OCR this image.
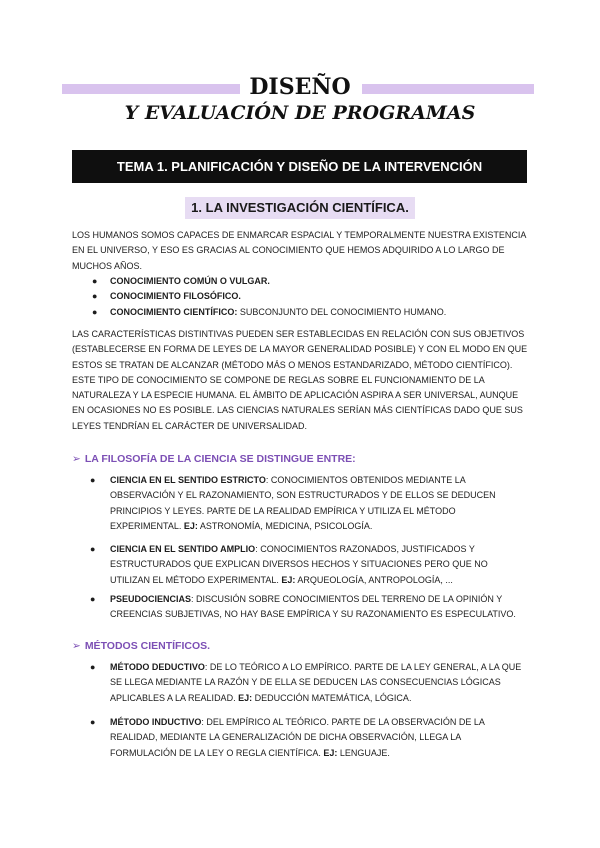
DISEÑO
Y EVALUACIÓN DE PROGRAMAS
TEMA 1. PLANIFICACIÓN Y DISEÑO DE LA INTERVENCIÓN
1. LA INVESTIGACIÓN CIENTÍFICA.

LOS HUMANOS SOMOS CAPACES DE ENMARCAR ESPACIAL Y TEMPORALMENTE NUESTRA EXISTENCIA EN EL UNIVERSO, Y ESO ES GRACIAS AL CONOCIMIENTO QUE HEMOS ADQUIRIDO A LO LARGO DE MUCHOS AÑOS.

● CONOCIMIENTO COMÚN O VULGAR.
● CONOCIMIENTO FILOSÓFICO.
● CONOCIMIENTO CIENTÍFICO: SUBCONJUNTO DEL CONOCIMIENTO HUMANO.

LAS CARACTERÍSTICAS DISTINTIVAS PUEDEN SER ESTABLECIDAS EN RELACIÓN CON SUS OBJETIVOS (ESTABLECERSE EN FORMA DE LEYES DE LA MAYOR GENERALIDAD POSIBLE) Y CON EL MODO EN QUE ESTOS SE TRATAN DE ALCANZAR (MÉTODO MÁS O MENOS ESTANDARIZADO, MÉTODO CIENTÍFICO). ESTE TIPO DE CONOCIMIENTO SE COMPONE DE REGLAS SOBRE EL FUNCIONAMIENTO DE LA NATURALEZA Y LA ESPECIE HUMANA. EL ÁMBITO DE APLICACIÓN ASPIRA A SER UNIVERSAL, AUNQUE EN OCASIONES NO ES POSIBLE. LAS CIENCIAS NATURALES SERÍAN MÁS CIENTÍFICAS DADO QUE SUS LEYES TENDRÍAN EL CARÁCTER DE UNIVERSALIDAD.

➢ LA FILOSOFÍA DE LA CIENCIA SE DISTINGUE ENTRE:
●	CIENCIA EN EL SENTIDO ESTRICTO: CONOCIMIENTOS OBTENIDOS MEDIANTE LA OBSERVACIÓN Y EL RAZONAMIENTO, SON ESTRUCTURADOS Y DE ELLOS SE DEDUCEN PRINCIPIOS Y LEYES. PARTE DE LA REALIDAD EMPÍRICA Y UTILIZA EL MÉTODO EXPERIMENTAL. EJ: ASTRONOMÍA, MEDICINA, PSICOLOGÍA.
●	CIENCIA EN EL SENTIDO AMPLIO: CONOCIMIENTOS RAZONADOS, JUSTIFICADOS Y ESTRUCTURADOS QUE EXPLICAN DIVERSOS HECHOS Y SITUACIONES PERO QUE NO UTILIZAN EL MÉTODO EXPERIMENTAL. EJ: ARQUEOLOGÍA, ANTROPOLOGÍA, ...
●	PSEUDOCIENCIAS: DISCUSIÓN SOBRE CONOCIMIENTOS DEL TERRENO DE LA OPINIÓN Y CREENCIAS SUBJETIVAS, NO HAY BASE EMPÍRICA Y SU RAZONAMIENTO ES ESPECULATIVO.
➢ MÉTODOS CIENTÍFICOS.
●	MÉTODO DEDUCTIVO: DE LO TEÓRICO A LO EMPÍRICO. PARTE DE LA LEY GENERAL, A LA QUE SE LLEGA MEDIANTE LA RAZÓN Y DE ELLA SE DEDUCEN LAS CONSECUENCIAS LÓGICAS APLICABLES A LA REALIDAD. EJ: DEDUCCIÓN MATEMÁTICA, LÓGICA.
●	MÉTODO INDUCTIVO: DEL EMPÍRICO AL TEÓRICO. PARTE DE LA OBSERVACIÓN DE LA REALIDAD, MEDIANTE LA GENERALIZACIÓN DE DICHA OBSERVACIÓN, LLEGA LA FORMULACIÓN DE LA LEY O REGLA CIENTÍFICA. EJ: LENGUAJE.
